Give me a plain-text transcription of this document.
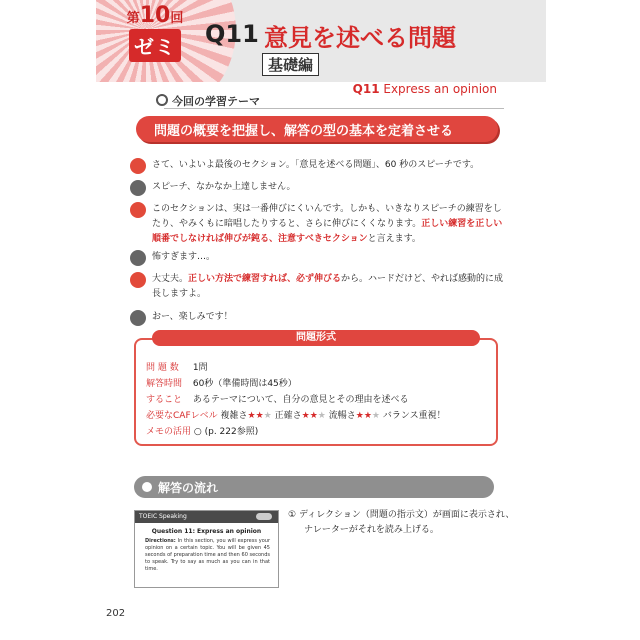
第10回
ゼミ	Q11 意見を述べる問題
基礎編
Q11 Express an opinion
今回の学習テーマ
問題の概要を把握し、解答の型の基本を定着させる
さて、いよいよ最後のセクション。「意見を述べる問題」、60 秒のスピーチです。
スピーチ、なかなか上達しません。
このセクションは、実は一番伸びにくいんです。しかも、いきなりスピーチの練習をしたり、やみくもに暗唱したりすると、さらに伸びにくくなります。正しい練習を正しい順番でしなければ伸びが鈍る、注意すべきセクションと言えます。
怖すぎます…。
大丈夫。正しい方法で練習すれば、必ず伸びるから。ハードだけど、やれば感動的に成長しますよ。
おー、楽しみです！
問題形式
問 題 数 1問
解答時間 60秒（準備時間は45秒）
すること あるテーマについて、自分の意見とその理由を述べる
必要なCAFレベル 複雑さ★★★ 正確さ★★★ 流暢さ★★★ バランス重視！
メモの活用 ○ (p. 222参照)
解答の流れ
TOEIC Speaking
Question 11: Express an opinion
Directions: In this section, you will express your opinion on a certain topic. You will be given 45 seconds of preparation time and then 60 seconds to speak. Try to say as much as you can in that time.
① ディレクション（問題の指示文）が画面に表示され、
ナレーターがそれを読み上げる。
202
